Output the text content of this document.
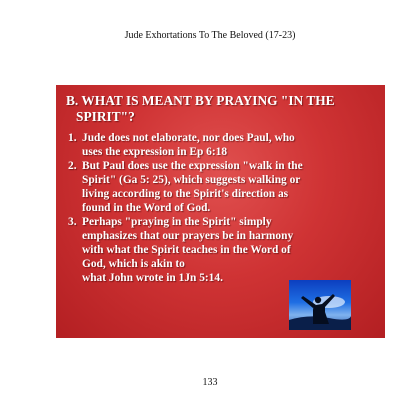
Jude Exhortations To The Beloved (17-23)
B. WHAT IS MEANT BY PRAYING "IN THE
SPIRIT"?
1. Jude does not elaborate, nor does Paul, who
uses the expression in Ep 6:18
2. But Paul does use the expression "walk in the
Spirit" (Ga 5: 25), which suggests walking or
living according to the Spirit's direction as
found in the Word of God.
3. Perhaps "praying in the Spirit" simply
emphasizes that our prayers be in harmony
with what the Spirit teaches in the Word of
God, which is akin to
what John wrote in 1Jn 5:14.
133
